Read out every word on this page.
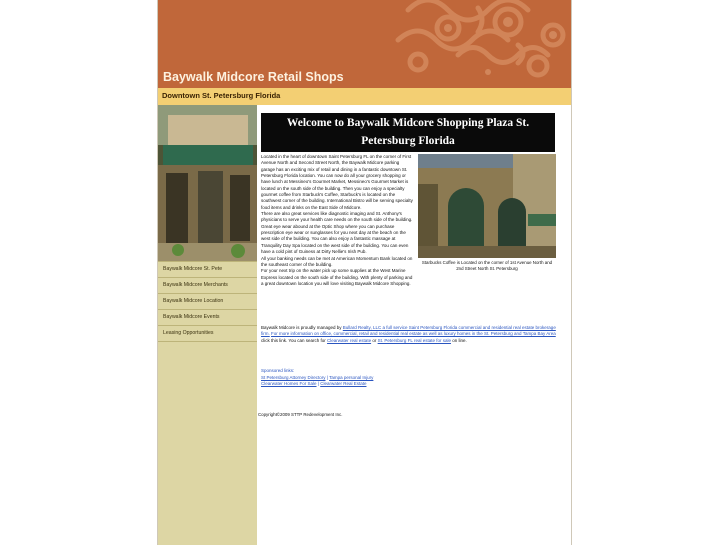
Baywalk Midcore Retail Shops
Downtown St. Petersburg Florida
Baywalk Midcore St. Pete
Baywalk Midcore Merchants
Baywalk Midcore Location
Baywalk Midcore Events
Leasing Opportunities
Welcome to Baywalk Midcore Shopping Plaza St. Petersburg Florida

Located in the heart of downtown Saint Petersburg FL on the corner of First Avenue North and Second Street North, the Baywalk Midcore parking garage has an exciting mix of retail and dining in a fantastic downtown St. Petersburg Florida location. You can now do all your grocery shopping or have lunch at Messineo's Gourmet Market, Messineo's Gourmet Market is located on the south side of the building. Then you can enjoy a specialty gourmet coffee from Starbuck's Coffee, Starbuck's is located on the southwest corner of the building. International Bistro will be serving specialty food items and drinks on the East Side of Midcore.

There are also great services like diagnostic imaging and St. Anthony's physicians to serve your health care needs on the south side of the building. Great eye wear abound at the Optic Shop where you can purchase prescription eye wear or sunglasses for you next day at the beach on the west side of the building. You can also enjoy a fantastic massage at Tranquility Day Spa located on the west side of the building. You can even have a cold pint of Guiness at Dirty Nellie's Irish Pub.

All your banking needs can be met at American Momentum Bank located on the southeast corner of the building.

For your next trip on the water pick up some supplies at the West Marine Express located on the south side of the building. With plenty of parking and a great downtown location you will love visiting Baywalk Midcore Shopping.

Starbucks Coffee is Located on the corner of 1st Avenue North and 2nd Street North St. Petersburg
Baywalk Midcore is proudly managed by Bullard Realty, LLC a full service Saint Petersburg Florida commercial and residential real estate brokerage firm. For more information on office, commercial, retail and residential real estate as well as luxury homes in the St. Petersburg and Tampa Bay Area click this link. You can search for Clearwater real estate or St. Petersburg FL real estate for sale on line.
Sponsored links:
St Petersburg Attorney Directory | Tampa personal Injury
Clearwater Homes For Sale | Clearwater Real Estate
Copyright©2009 STTP Redevelopment Inc.
